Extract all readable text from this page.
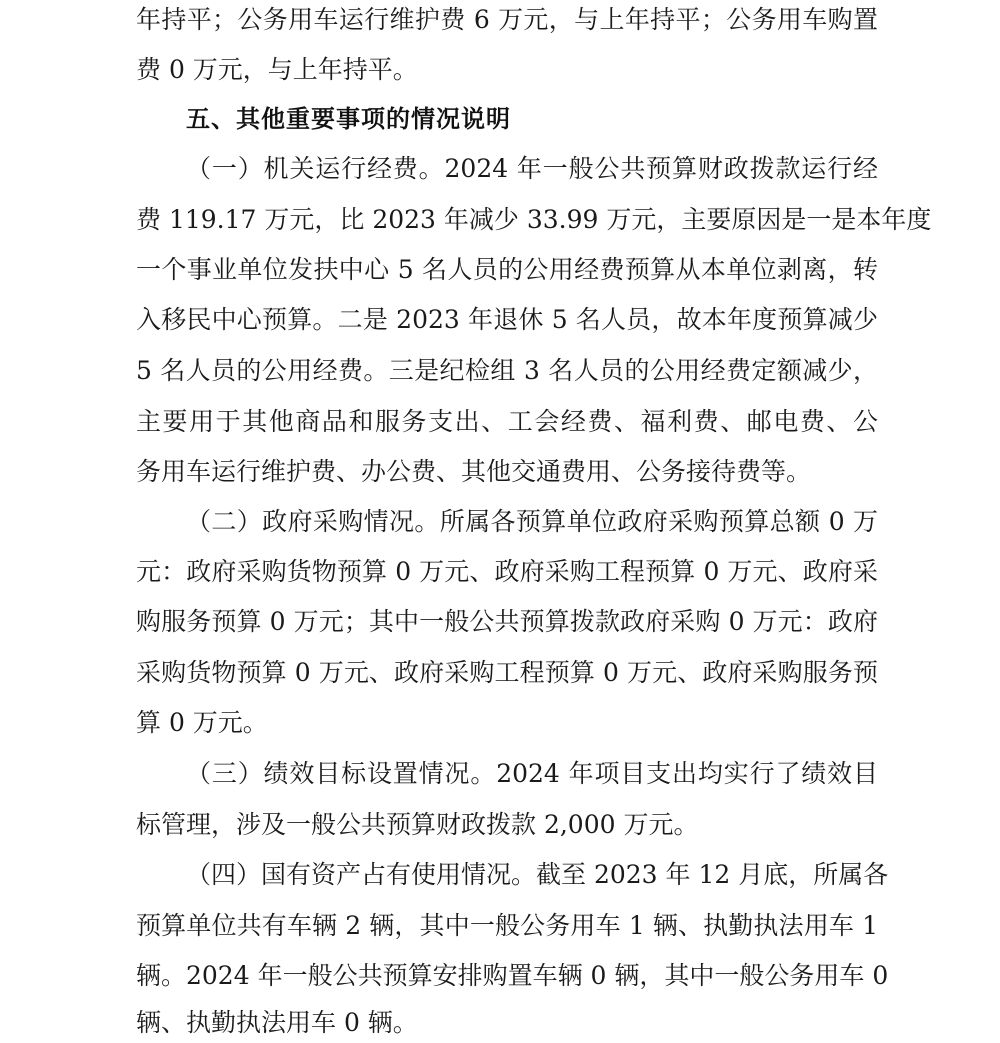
年持平；公务用车运行维护费 6 万元，与上年持平；公务用车购置
费 0 万元，与上年持平。
五、其他重要事项的情况说明
（一）机关运行经费。2024 年一般公共预算财政拨款运行经
费 119.17 万元，比 2023 年减少 33.99 万元，主要原因是一是本年度
一个事业单位发扶中心 5 名人员的公用经费预算从本单位剥离，转
入移民中心预算。二是 2023 年退休 5 名人员，故本年度预算减少
5 名人员的公用经费。三是纪检组 3 名人员的公用经费定额减少，
主要用于其他商品和服务支出、工会经费、福利费、邮电费、公
务用车运行维护费、办公费、其他交通费用、公务接待费等。
（二）政府采购情况。所属各预算单位政府采购预算总额 0 万
元：政府采购货物预算 0 万元、政府采购工程预算 0 万元、政府采
购服务预算 0 万元；其中一般公共预算拨款政府采购 0 万元：政府
采购货物预算 0 万元、政府采购工程预算 0 万元、政府采购服务预
算 0 万元。
（三）绩效目标设置情况。2024 年项目支出均实行了绩效目
标管理，涉及一般公共预算财政拨款 2,000 万元。
（四）国有资产占有使用情况。截至 2023 年 12 月底，所属各
预算单位共有车辆 2 辆，其中一般公务用车 1 辆、执勤执法用车 1
辆。2024 年一般公共预算安排购置车辆 0 辆，其中一般公务用车 0
辆、执勤执法用车 0 辆。
